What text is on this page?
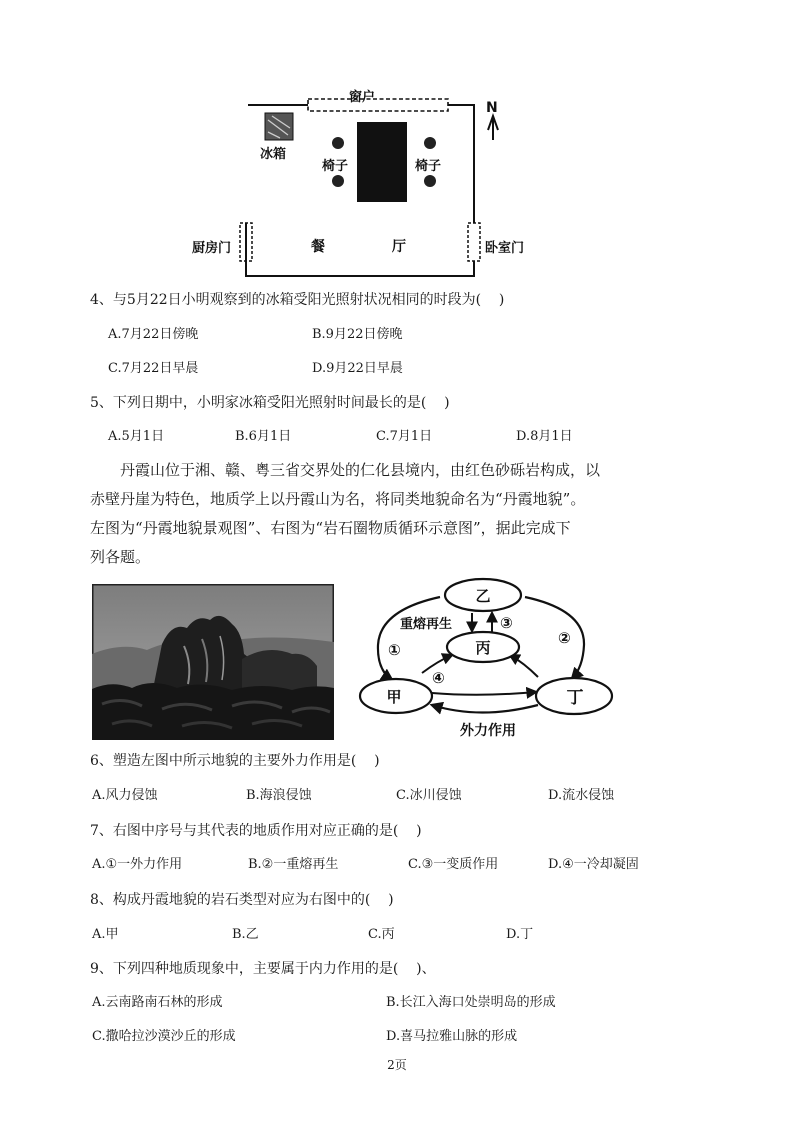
窗户
N
冰箱
椅子	椅子
厨房门	餐	厅	卧室门
4、与5月22日小明观察到的冰箱受阳光照射状况相同的时段为(    )
A.7月22日傍晚	B.9月22日傍晚
C.7月22日早晨	D.9月22日早晨
5、下列日期中，小明家冰箱受阳光照射时间最长的是(    )
A.5月1日	B.6月1日	C.7月1日	D.8月1日

　　丹霞山位于湘、赣、粤三省交界处的仁化县境内，由红色砂砾岩构成，以

赤壁丹崖为特色，地质学上以丹霞山为名，将同类地貌命名为“丹霞地貌”。

左图为“丹霞地貌景观图”、右图为“岩石圈物质循环示意图”，据此完成下

列各题。

乙
丙
甲	丁
重熔再生
外力作用
①
②
③
④
6、塑造左图中所示地貌的主要外力作用是(    )
A.风力侵蚀	B.海浪侵蚀	C.冰川侵蚀	D.流水侵蚀
7、右图中序号与其代表的地质作用对应正确的是(    )
A.①一外力作用	B.②一重熔再生	C.③一变质作用	D.④一冷却凝固
8、构成丹霞地貌的岩石类型对应为右图中的(    )
A.甲	B.乙	C.丙	D.丁
9、下列四种地质现象中，主要属于内力作用的是(    )、
A.云南路南石林的形成	B.长江入海口处崇明岛的形成
C.撒哈拉沙漠沙丘的形成	D.喜马拉雅山脉的形成
2页
